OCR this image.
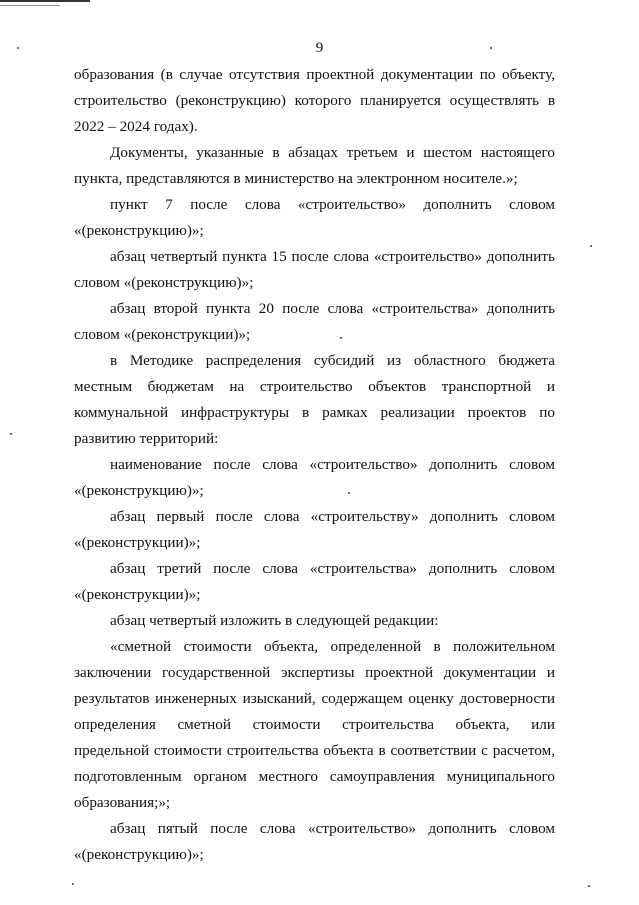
9
образования (в случае отсутствия проектной документации по объекту,
строительство (реконструкцию) которого планируется осуществлять в
2022 – 2024 годах).
Документы, указанные в абзацах третьем и шестом настоящего
пункта, представляются в министерство на электронном носителе.»;
пункт 7 после слова «строительство» дополнить словом
«(реконструкцию)»;
абзац четвертый пункта 15 после слова «строительство» дополнить
словом «(реконструкцию)»;
абзац второй пункта 20 после слова «строительства» дополнить
словом «(реконструкции)»;
в Методике распределения субсидий из областного бюджета
местным бюджетам на строительство объектов транспортной и
коммунальной инфраструктуры в рамках реализации проектов по
развитию территорий:
наименование после слова «строительство» дополнить словом
«(реконструкцию)»;
абзац первый после слова «строительству» дополнить словом
«(реконструкции)»;
абзац третий после слова «строительства» дополнить словом
«(реконструкции)»;
абзац четвертый изложить в следующей редакции:
«сметной стоимости объекта, определенной в положительном
заключении государственной экспертизы проектной документации и
результатов инженерных изысканий, содержащем оценку достоверности
определения сметной стоимости строительства объекта, или
предельной стоимости строительства объекта в соответствии с расчетом,
подготовленным органом местного самоуправления муниципального
образования;»;
абзац пятый после слова «строительство» дополнить словом
«(реконструкцию)»;
